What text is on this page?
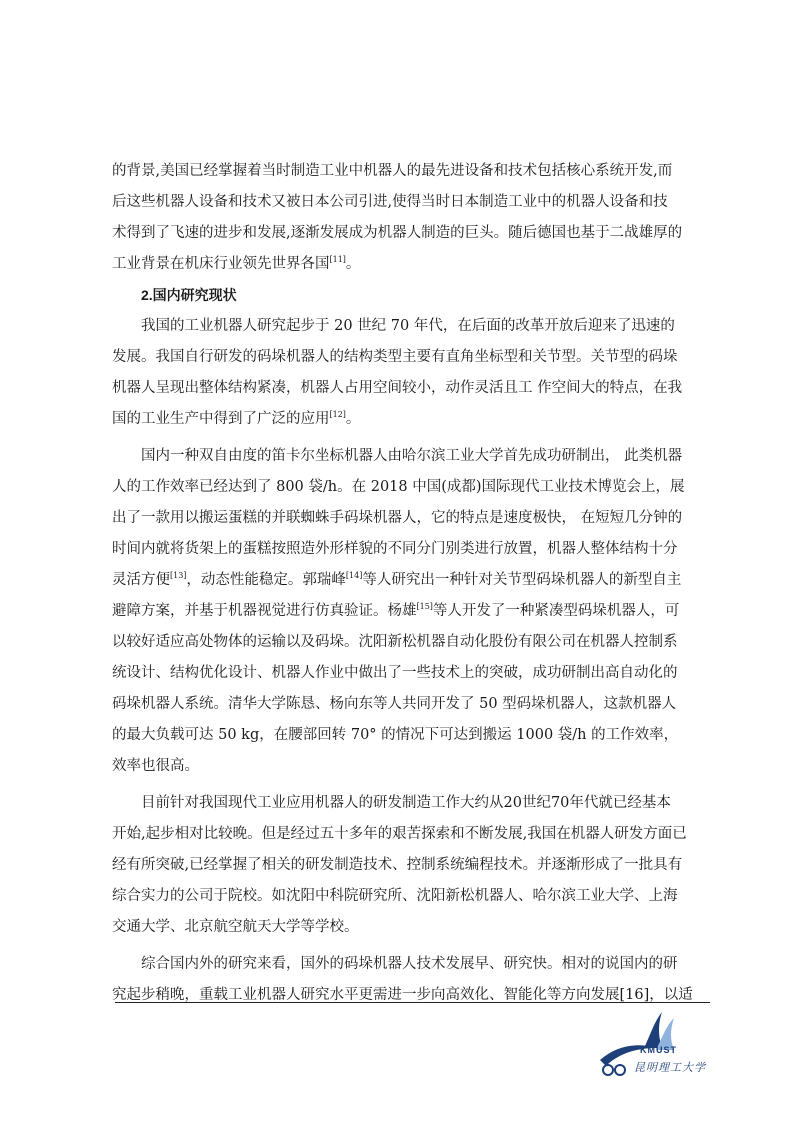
的背景,美国已经掌握着当时制造工业中机器人的最先进设备和技术包括核心系统开发,而
后这些机器人设备和技术又被日本公司引进,使得当时日本制造工业中的机器人设备和技
术得到了飞速的进步和发展,逐渐发展成为机器人制造的巨头。随后德国也基于二战雄厚的
工业背景在机床行业领先世界各国[11]。
2.国内研究现状
我国的工业机器人研究起步于 20 世纪 70 年代，在后面的改革开放后迎来了迅速的
发展。我国自行研发的码垛机器人的结构类型主要有直角坐标型和关节型。关节型的码垛
机器人呈现出整体结构紧凑，机器人占用空间较小，动作灵活且工 作空间大的特点，在我
国的工业生产中得到了广泛的应用[12]。
国内一种双自由度的笛卡尔坐标机器人由哈尔滨工业大学首先成功研制出， 此类机器
人的工作效率已经达到了 800 袋/h。在 2018 中国(成都)国际现代工业技术博览会上，展
出了一款用以搬运蛋糕的并联蜘蛛手码垛机器人，它的特点是速度极快， 在短短几分钟的
时间内就将货架上的蛋糕按照造外形样貌的不同分门别类进行放置，机器人整体结构十分
灵活方便[13]，动态性能稳定。郭瑞峰[14]等人研究出一种针对关节型码垛机器人的新型自主
避障方案，并基于机器视觉进行仿真验证。杨雄[15]等人开发了一种紧凑型码垛机器人，可
以较好适应高处物体的运输以及码垛。沈阳新松机器自动化股份有限公司在机器人控制系
统设计、结构优化设计、机器人作业中做出了一些技术上的突破，成功研制出高自动化的
码垛机器人系统。清华大学陈恳、杨向东等人共同开发了 50 型码垛机器人，这款机器人
的最大负载可达 50 kg，在腰部回转 70° 的情况下可达到搬运 1000 袋/h 的工作效率，
效率也很高。
目前针对我国现代工业应用机器人的研发制造工作大约从20世纪70年代就已经基本
开始,起步相对比较晚。但是经过五十多年的艰苦探索和不断发展,我国在机器人研发方面已
经有所突破,已经掌握了相关的研发制造技术、控制系统编程技术。并逐渐形成了一批具有
综合实力的公司于院校。如沈阳中科院研究所、沈阳新松机器人、哈尔滨工业大学、上海
交通大学、北京航空航天大学等学校。
综合国内外的研究来看，国外的码垛机器人技术发展早、研究快。相对的说国内的研
究起步稍晚，重载工业机器人研究水平更需进一步向高效化、智能化等方向发展[16]，以适
KMUST
昆明理工大学
